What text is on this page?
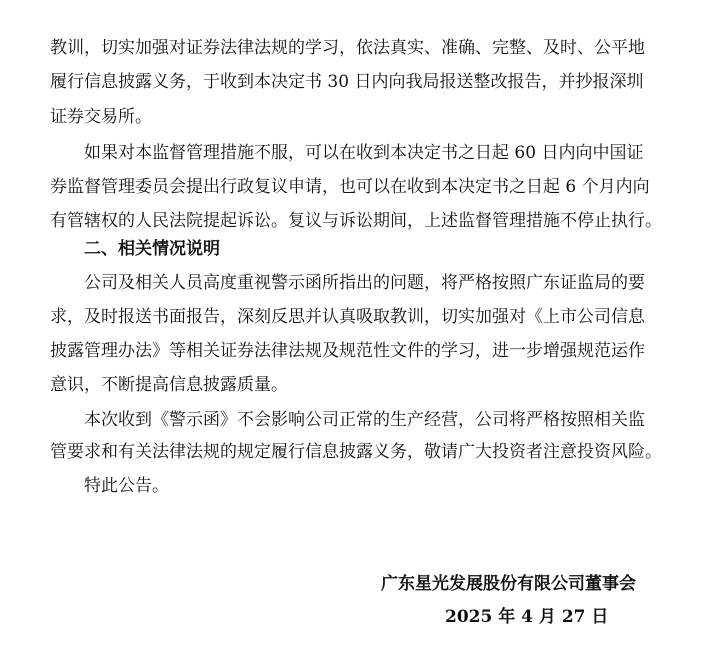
教训，切实加强对证券法律法规的学习，依法真实、准确、完整、及时、公平地
履行信息披露义务，于收到本决定书 30 日内向我局报送整改报告，并抄报深圳
证券交易所。
如果对本监督管理措施不服，可以在收到本决定书之日起 60 日内向中国证
券监督管理委员会提出行政复议申请，也可以在收到本决定书之日起 6 个月内向
有管辖权的人民法院提起诉讼。复议与诉讼期间，上述监督管理措施不停止执行。
二、相关情况说明
公司及相关人员高度重视警示函所指出的问题，将严格按照广东证监局的要
求，及时报送书面报告，深刻反思并认真吸取教训，切实加强对《上市公司信息
披露管理办法》等相关证券法律法规及规范性文件的学习，进一步增强规范运作
意识，不断提高信息披露质量。
本次收到《警示函》不会影响公司正常的生产经营，公司将严格按照相关监
管要求和有关法律法规的规定履行信息披露义务，敬请广大投资者注意投资风险。
特此公告。
广东星光发展股份有限公司董事会
2025 年 4 月 27 日
